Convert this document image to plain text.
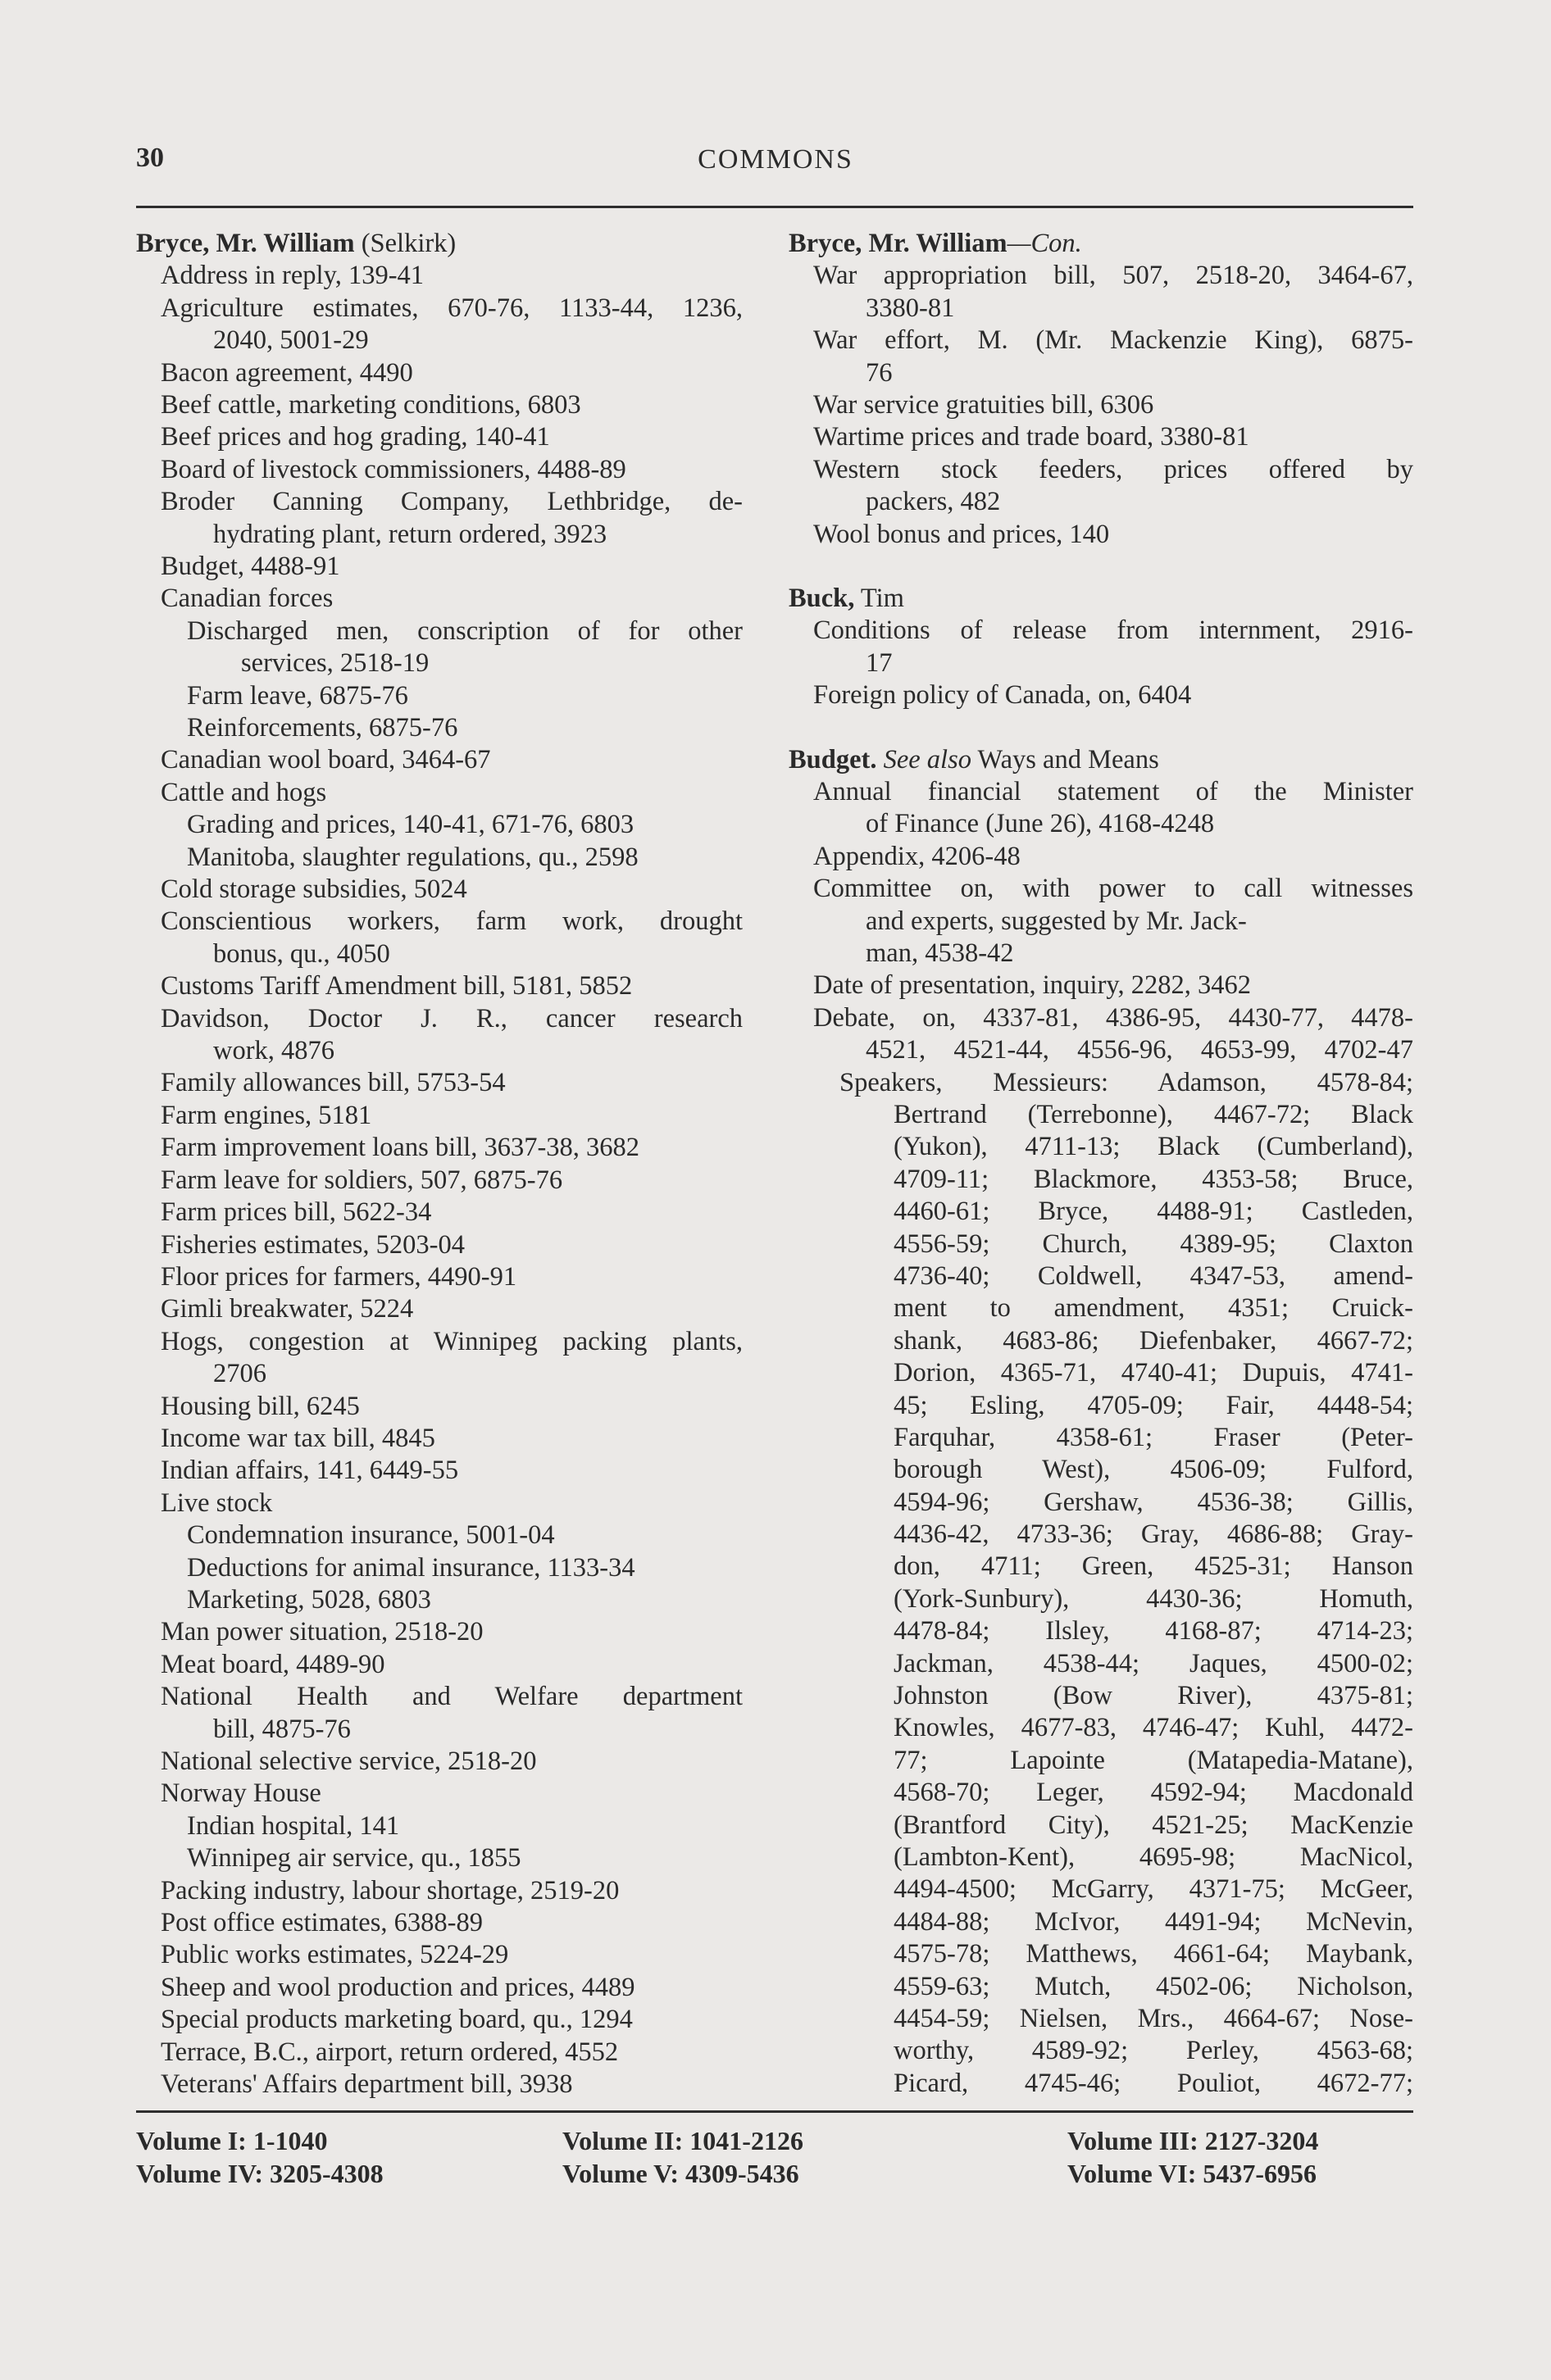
30	COMMONS
Bryce, Mr. William (Selkirk)
Address in reply, 139-41
Agriculture estimates, 670-76, 1133-44, 1236,
2040, 5001-29
Bacon agreement, 4490
Beef cattle, marketing conditions, 6803
Beef prices and hog grading, 140-41
Board of livestock commissioners, 4488-89
Broder Canning Company, Lethbridge, de-
hydrating plant, return ordered, 3923
Budget, 4488-91
Canadian forces
Discharged men, conscription of for other
services, 2518-19
Farm leave, 6875-76
Reinforcements, 6875-76
Canadian wool board, 3464-67
Cattle and hogs
Grading and prices, 140-41, 671-76, 6803
Manitoba, slaughter regulations, qu., 2598
Cold storage subsidies, 5024
Conscientious workers, farm work, drought
bonus, qu., 4050
Customs Tariff Amendment bill, 5181, 5852
Davidson, Doctor J. R., cancer research
work, 4876
Family allowances bill, 5753-54
Farm engines, 5181
Farm improvement loans bill, 3637-38, 3682
Farm leave for soldiers, 507, 6875-76
Farm prices bill, 5622-34
Fisheries estimates, 5203-04
Floor prices for farmers, 4490-91
Gimli breakwater, 5224
Hogs, congestion at Winnipeg packing plants,
2706
Housing bill, 6245
Income war tax bill, 4845
Indian affairs, 141, 6449-55
Live stock
Condemnation insurance, 5001-04
Deductions for animal insurance, 1133-34
Marketing, 5028, 6803
Man power situation, 2518-20
Meat board, 4489-90
National Health and Welfare department
bill, 4875-76
National selective service, 2518-20
Norway House
Indian hospital, 141
Winnipeg air service, qu., 1855
Packing industry, labour shortage, 2519-20
Post office estimates, 6388-89
Public works estimates, 5224-29
Sheep and wool production and prices, 4489
Special products marketing board, qu., 1294
Terrace, B.C., airport, return ordered, 4552
Veterans' Affairs department bill, 3938
Bryce, Mr. William—Con.
War appropriation bill, 507, 2518-20, 3464-67,
3380-81
War effort, M. (Mr. Mackenzie King), 6875-
76
War service gratuities bill, 6306
Wartime prices and trade board, 3380-81
Western stock feeders, prices offered by
packers, 482
Wool bonus and prices, 140
Buck, Tim
Conditions of release from internment, 2916-
17
Foreign policy of Canada, on, 6404
Budget. See also Ways and Means
Annual financial statement of the Minister
of Finance (June 26), 4168-4248
Appendix, 4206-48
Committee on, with power to call witnesses
and experts, suggested by Mr. Jack-
man, 4538-42
Date of presentation, inquiry, 2282, 3462
Debate, on, 4337-81, 4386-95, 4430-77, 4478-
4521, 4521-44, 4556-96, 4653-99, 4702-47
Speakers, Messieurs: Adamson, 4578-84;
Bertrand (Terrebonne), 4467-72; Black
(Yukon), 4711-13; Black (Cumberland),
4709-11; Blackmore, 4353-58; Bruce,
4460-61; Bryce, 4488-91; Castleden,
4556-59; Church, 4389-95; Claxton
4736-40; Coldwell, 4347-53, amend-
ment to amendment, 4351; Cruick-
shank, 4683-86; Diefenbaker, 4667-72;
Dorion, 4365-71, 4740-41; Dupuis, 4741-
45; Esling, 4705-09; Fair, 4448-54;
Farquhar, 4358-61; Fraser (Peter-
borough West), 4506-09; Fulford,
4594-96; Gershaw, 4536-38; Gillis,
4436-42, 4733-36; Gray, 4686-88; Gray-
don, 4711; Green, 4525-31; Hanson
(York-Sunbury), 4430-36; Homuth,
4478-84; Ilsley, 4168-87; 4714-23;
Jackman, 4538-44; Jaques, 4500-02;
Johnston (Bow River), 4375-81;
Knowles, 4677-83, 4746-47; Kuhl, 4472-
77; Lapointe (Matapedia-Matane),
4568-70; Leger, 4592-94; Macdonald
(Brantford City), 4521-25; MacKenzie
(Lambton-Kent), 4695-98; MacNicol,
4494-4500; McGarry, 4371-75; McGeer,
4484-88; McIvor, 4491-94; McNevin,
4575-78; Matthews, 4661-64; Maybank,
4559-63; Mutch, 4502-06; Nicholson,
4454-59; Nielsen, Mrs., 4664-67; Nose-
worthy, 4589-92; Perley, 4563-68;
Picard, 4745-46; Pouliot, 4672-77;
Volume I: 1-1040
Volume IV: 3205-4308
Volume II: 1041-2126
Volume V: 4309-5436
Volume III: 2127-3204
Volume VI: 5437-6956
